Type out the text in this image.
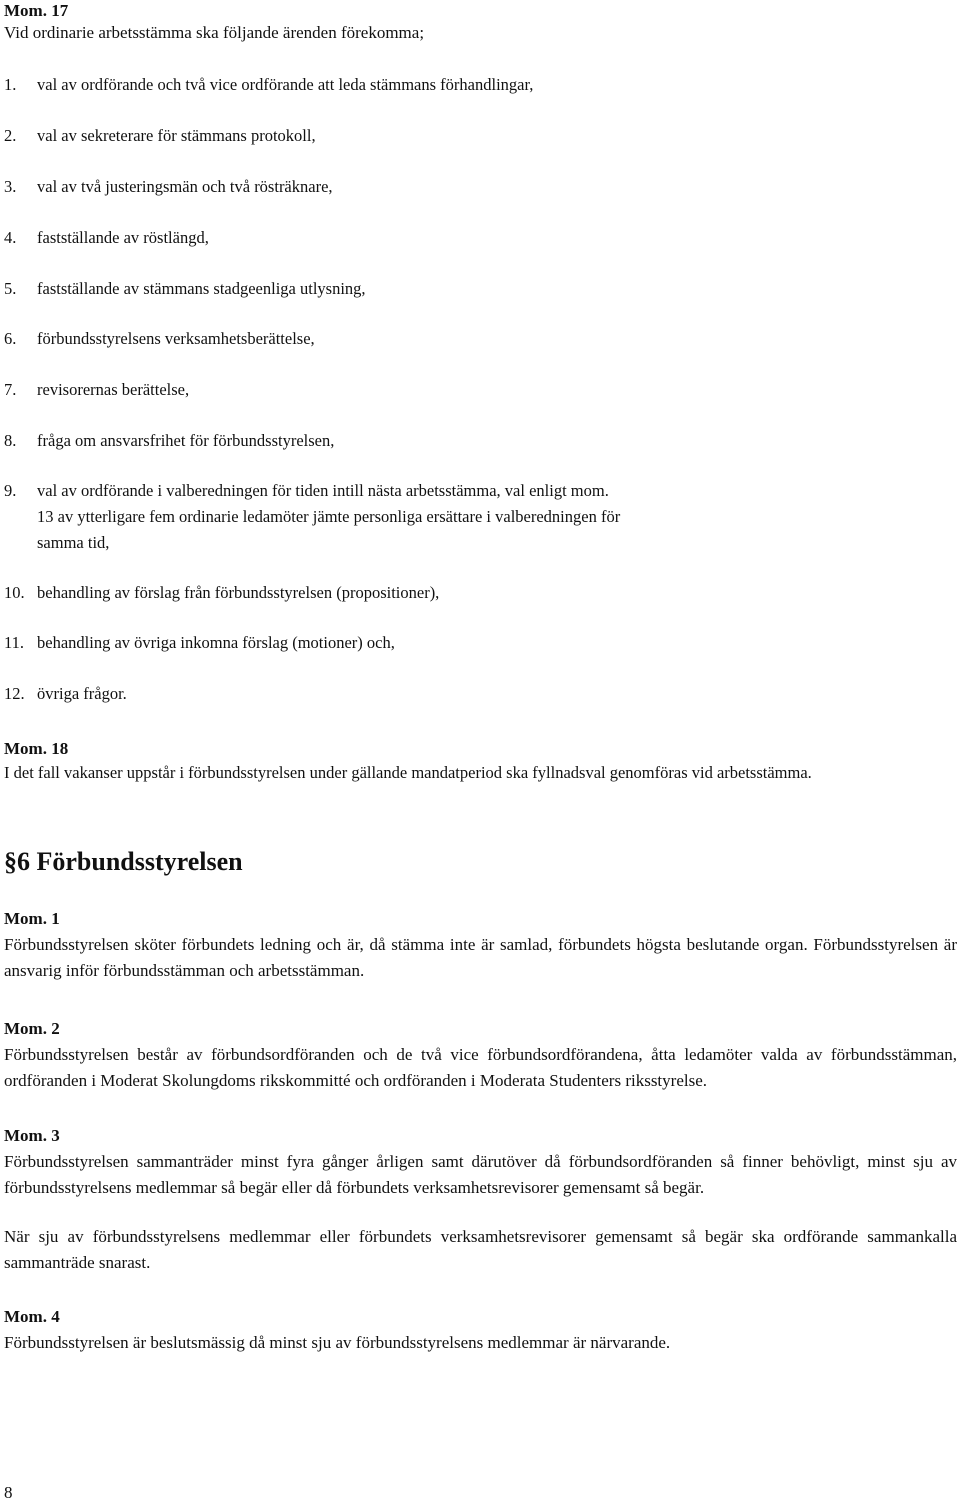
Mom. 17

Vid ordinarie arbetsstämma ska följande ärenden förekomma;

1. val av ordförande och två vice ordförande att leda stämmans förhandlingar,
2. val av sekreterare för stämmans protokoll,
3. val av två justeringsmän och två rösträknare,
4. fastställande av röstlängd,
5. fastställande av stämmans stadgeenliga utlysning,
6. förbundsstyrelsens verksamhetsberättelse,
7. revisorernas berättelse,
8. fråga om ansvarsfrihet för förbundsstyrelsen,
9. val av ordförande i valberedningen för tiden intill nästa arbetsstämma, val enligt mom. 13 av ytterligare fem ordinarie ledamöter jämte personliga ersättare i valberedningen för samma tid,
10. behandling av förslag från förbundsstyrelsen (propositioner),
11. behandling av övriga inkomna förslag (motioner) och,
12. övriga frågor.
Mom. 18

I det fall vakanser uppstår i förbundsstyrelsen under gällande mandatperiod ska fyllnadsval genomföras vid arbetsstämma.

§6 Förbundsstyrelsen
Mom. 1

Förbundsstyrelsen sköter förbundets ledning och är, då stämma inte är samlad, förbundets högsta beslutande organ. Förbundsstyrelsen är ansvarig inför förbundsstämman och arbetsstämman.

Mom. 2

Förbundsstyrelsen består av förbundsordföranden och de två vice förbundsordförandena, åtta ledamöter valda av förbundsstämman, ordföranden i Moderat Skolungdoms rikskommitté och ordföranden i Moderata Studenters riksstyrelse.

Mom. 3

Förbundsstyrelsen sammanträder minst fyra gånger årligen samt därutöver då förbundsordföranden så finner behövligt, minst sju av förbundsstyrelsens medlemmar så begär eller då förbundets verksamhetsrevisorer gemensamt så begär.

När sju av förbundsstyrelsens medlemmar eller förbundets verksamhetsrevisorer gemensamt så begär ska ordförande sammankalla sammanträde snarast.

Mom. 4

Förbundsstyrelsen är beslutsmässig då minst sju av förbundsstyrelsens medlemmar är närvarande.

8
